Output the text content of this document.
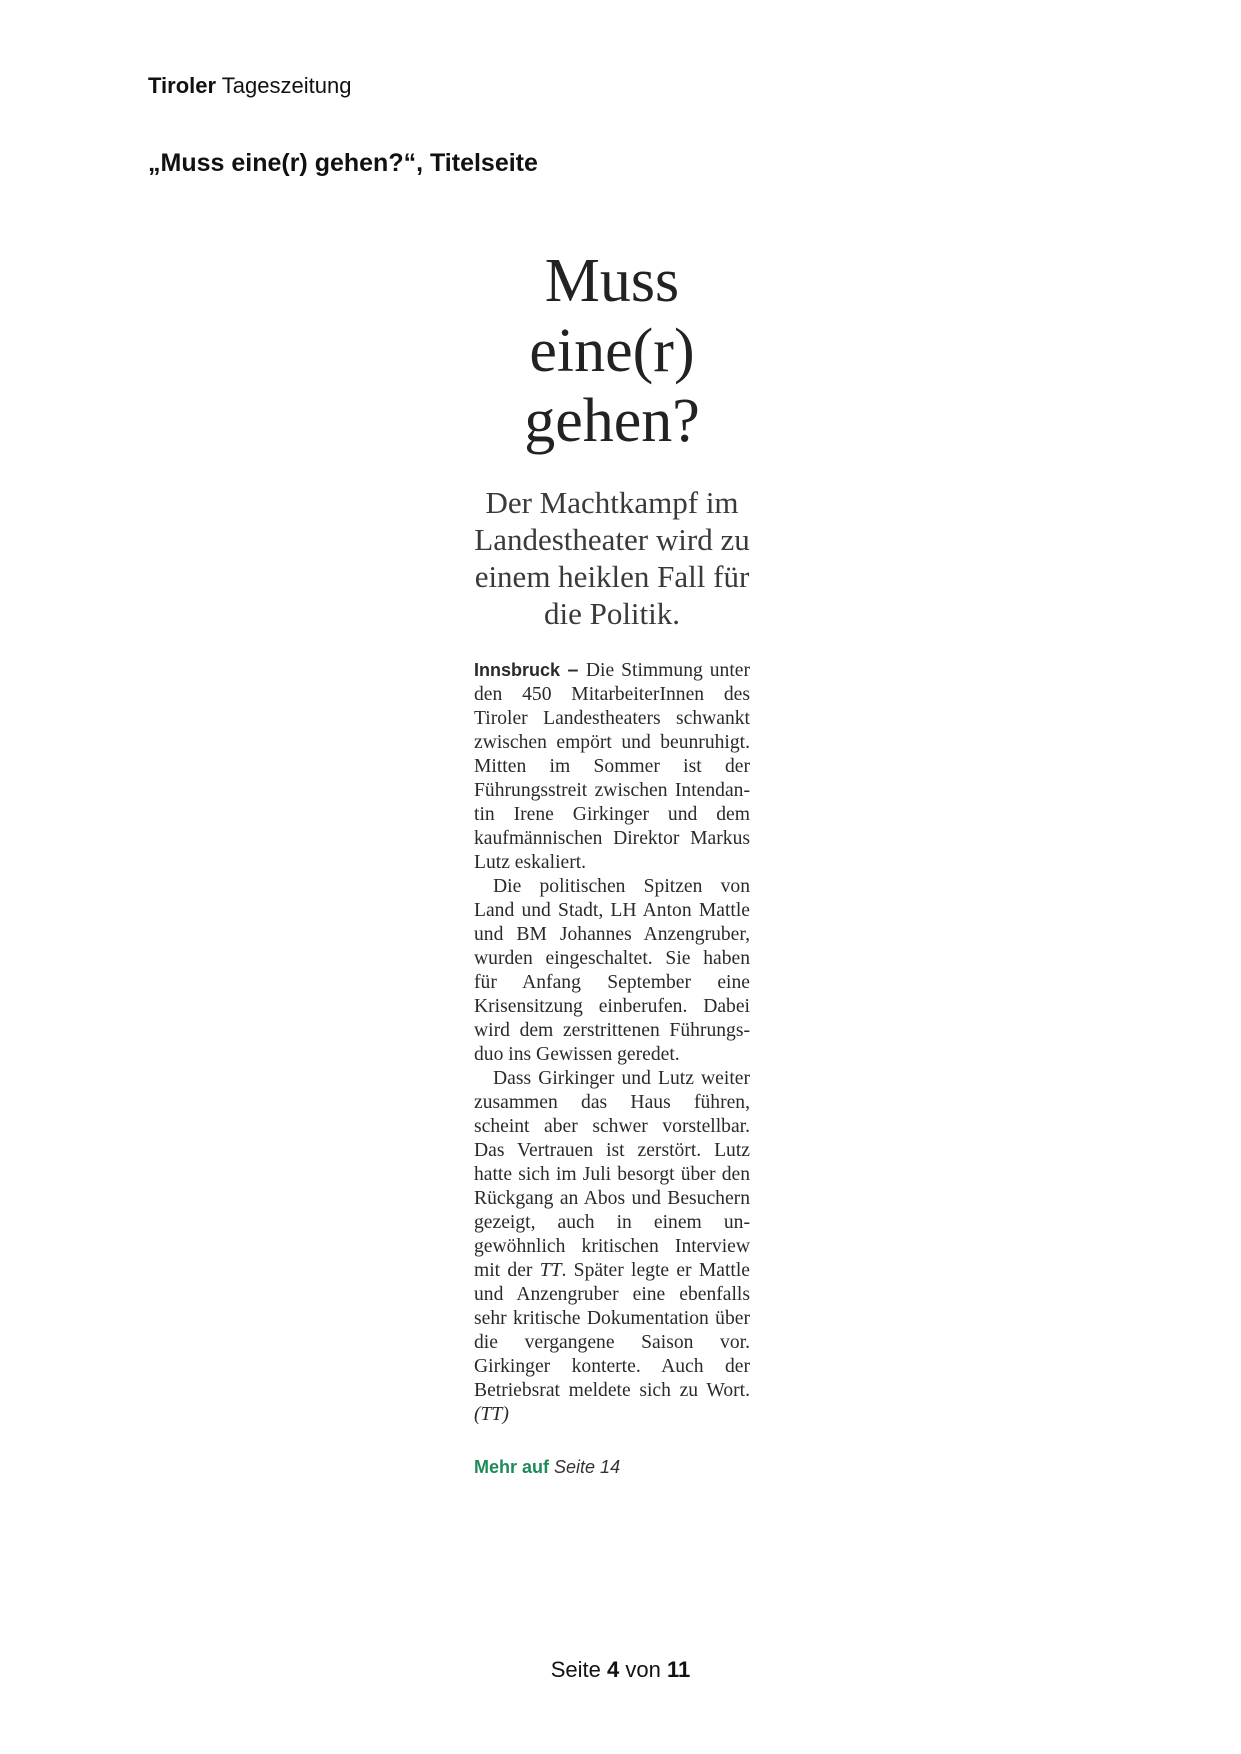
Tiroler Tageszeitung
„Muss eine(r) gehen?“, Titelseite
Muss eine(r) gehen?

Der Machtkampf im Landestheater wird zu einem heiklen Fall für die Politik.

Innsbruck – Die Stimmung unter den 450 MitarbeiterInnen des Tiroler Landestheaters schwankt zwischen empört und beunruhigt. Mitten im Sommer ist der Führungsstreit zwischen Intendantin Irene Girkinger und dem kaufmännischen Direktor Markus Lutz eskaliert.

Die politischen Spitzen von Land und Stadt, LH Anton Mattle und BM Johannes Anzengruber, wurden eingeschaltet. Sie haben für Anfang September eine Krisensitzung einberufen. Dabei wird dem zerstrittenen Führungsduo ins Gewissen geredet.

Dass Girkinger und Lutz weiter zusammen das Haus führen, scheint aber schwer vorstellbar. Das Vertrauen ist zerstört. Lutz hatte sich im Juli besorgt über den Rückgang an Abos und Besuchern gezeigt, auch in einem ungewöhnlich kritischen Interview mit der TT. Später legte er Mattle und Anzengruber eine ebenfalls sehr kritische Dokumentation über die vergangene Saison vor. Girkinger konterte. Auch der Betriebsrat meldete sich zu Wort. (TT)

Mehr auf Seite 14
Seite 4 von 11
